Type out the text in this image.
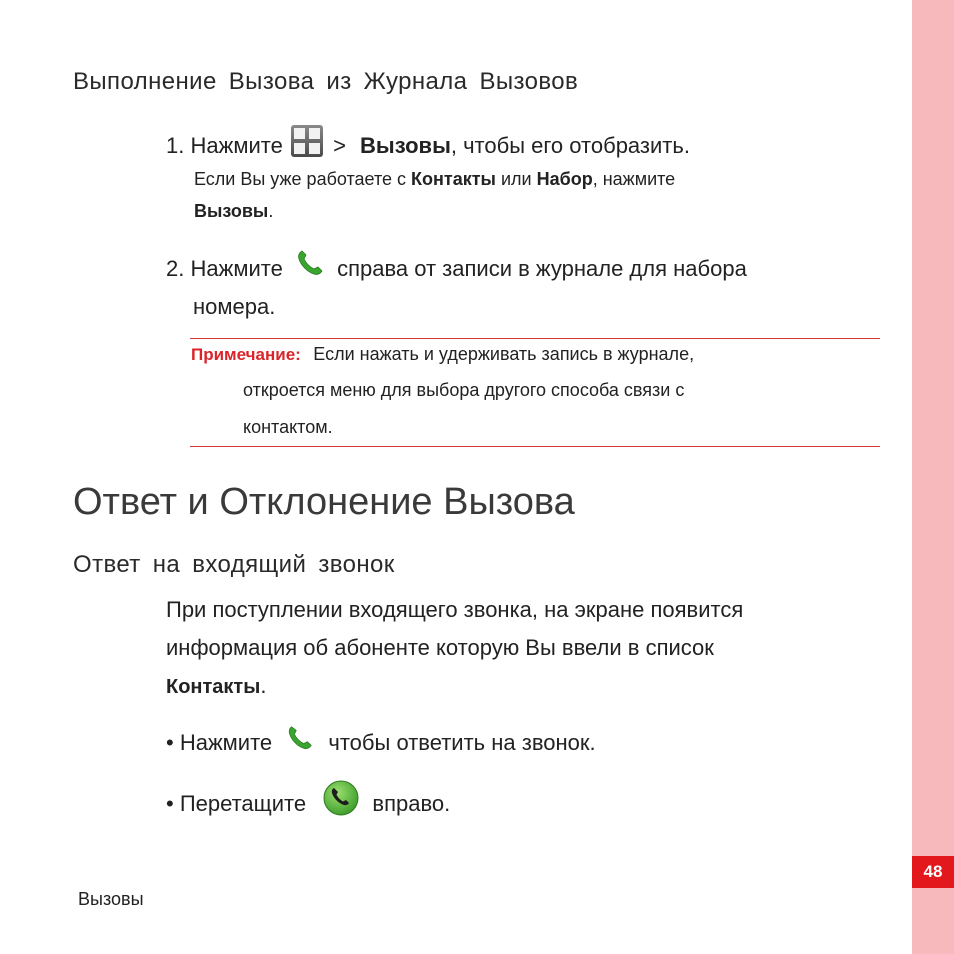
48
Выполнение Вызова из Журнала Вызовов
1. Нажмите > Вызовы, чтобы его отобразить.
Если Вы уже работаете с Контакты или Набор, нажмите
Вызовы.
2. Нажмите справа от записи в журнале для набора
номера.
Примечание: Если нажать и удерживать запись в журнале,
откроется меню для выбора другого способа связи с
контактом.
Ответ и Отклонение Вызова
Ответ на входящий звонок
При поступлении входящего звонка, на экране появится
информация об абоненте которую Вы ввели в список
Контакты.
• Нажмите	чтобы ответить на звонок.
• Перетащите	вправо.
Вызовы
